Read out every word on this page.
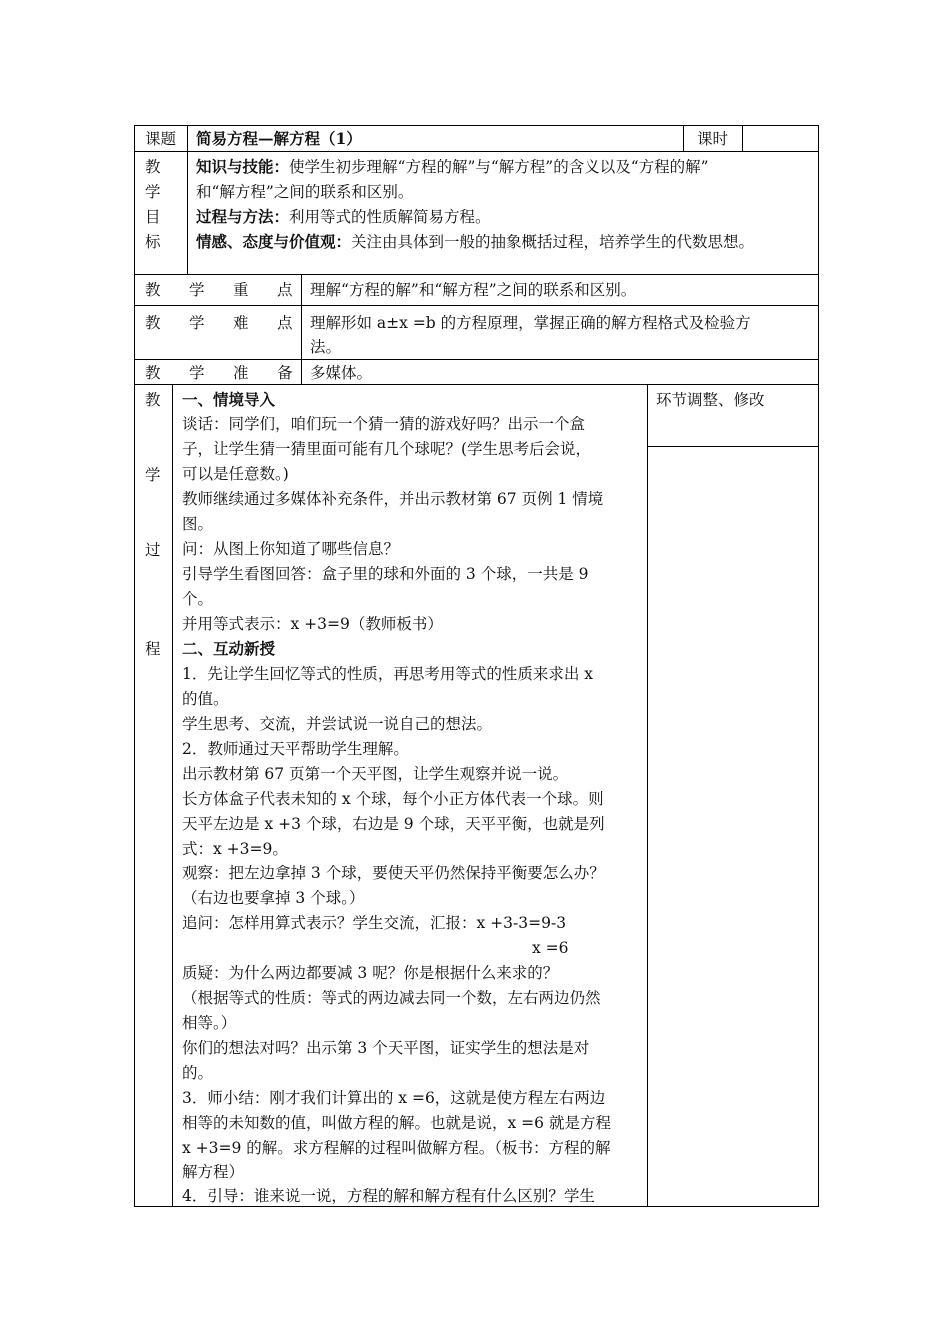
课题 简易方程—解方程（1）	课时
教
学
目
标
知识与技能：使学生初步理解“方程的解”与“解方程”的含义以及“方程的解”
和“解方程”之间的联系和区别。
过程与方法：利用等式的性质解简易方程。
情感、态度与价值观：关注由具体到一般的抽象概括过程，培养学生的代数思想。
教 学 重 点 理解“方程的解”和“解方程”之间的联系和区别。
教 学 难 点 理解形如 a±x =b 的方程原理，掌握正确的解方程格式及检验方
法。
教 学 准 备 多媒体。
教
学
过
程
环节调整、修改
一、情境导入
谈话：同学们，咱们玩一个猜一猜的游戏好吗？出示一个盒
子，让学生猜一猜里面可能有几个球呢？(学生思考后会说，
可以是任意数。)
教师继续通过多媒体补充条件，并出示教材第 67 页例 1 情境
图。
问：从图上你知道了哪些信息？
引导学生看图回答：盒子里的球和外面的 3 个球，一共是 9
个。
并用等式表示：x +3=9（教师板书）
二、互动新授
1．先让学生回忆等式的性质，再思考用等式的性质来求出 x
的值。
学生思考、交流，并尝试说一说自己的想法。
2．教师通过天平帮助学生理解。
出示教材第 67 页第一个天平图，让学生观察并说一说。
长方体盒子代表未知的 x 个球，每个小正方体代表一个球。则
天平左边是 x +3 个球，右边是 9 个球，天平平衡，也就是列
式：x +3=9。
观察：把左边拿掉 3 个球，要使天平仍然保持平衡要怎么办？
（右边也要拿掉 3 个球。）
追问：怎样用算式表示？学生交流，汇报：x +3-3=9-3
x =6
质疑：为什么两边都要减 3 呢？你是根据什么来求的？
（根据等式的性质：等式的两边减去同一个数，左右两边仍然
相等。）
你们的想法对吗？出示第 3 个天平图，证实学生的想法是对
的。
3．师小结：刚才我们计算出的 x =6，这就是使方程左右两边
相等的未知数的值，叫做方程的解。也就是说，x =6 就是方程
x +3=9 的解。求方程解的过程叫做解方程。（板书：方程的解
解方程）
4．引导：谁来说一说，方程的解和解方程有什么区别？学生
